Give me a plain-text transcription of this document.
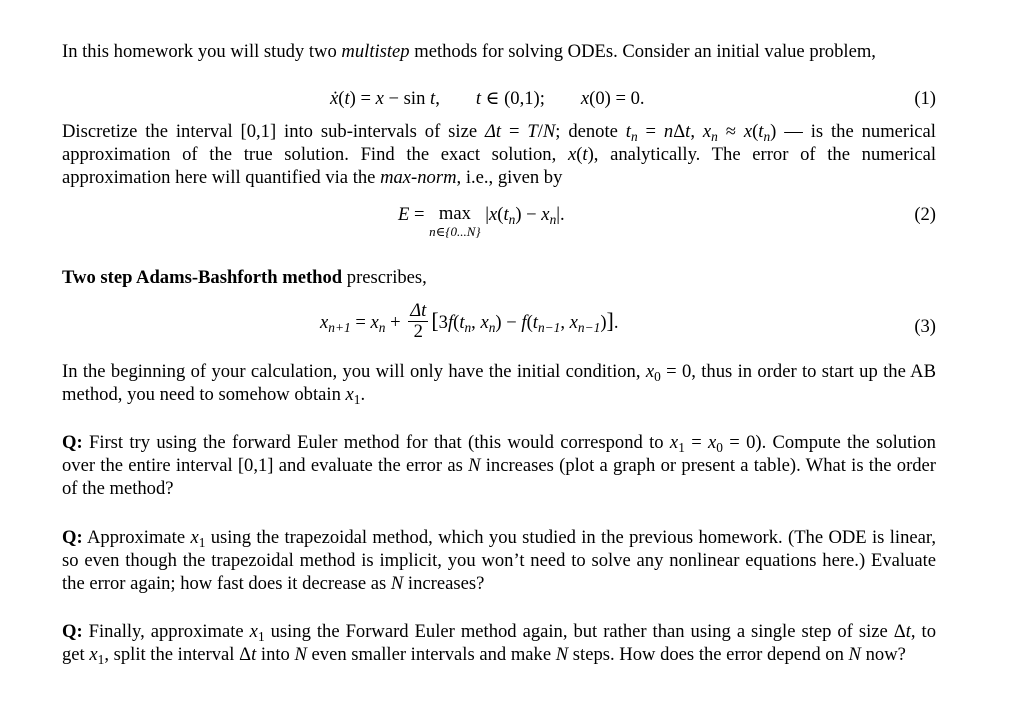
In this homework you will study two multistep methods for solving ODEs. Consider an initial value problem,

ẋ(t) = x − sin t, t ∈ (0,1); x(0) = 0.	(1)

Discretize the interval [0,1] into sub-intervals of size Δt = T/N; denote $t_n = n\Delta t$, $x_n \approx x(t_n)$ — is the numerical approximation of the true solution. Find the exact solution, x(t), analytically. The error of the numerical approximation here will quantified via the max-norm, i.e., given by

E = max
n∈{0...N}
$|x(t_n) - x_n|$.	(2)

Two step Adams-Bashforth method prescribes,

$x_{n+1} = x_n + \frac{\Delta t}{2} [3f(t_n$, $x_n) - f(t_{n-1}$, $x_{n-1}$)].	(3)

In the beginning of your calculation, you will only have the initial condition, $x_0 = 0$, thus in order to start up the AB method, you need to somehow obtain $x_1$.

Q: First try using the forward Euler method for that (this would correspond to $x_1 = x_0 = 0$). Compute the solution over the entire interval [0,1] and evaluate the error as N increases (plot a graph or present a table). What is the order of the method?

Q: Approximate $x_1$ using the trapezoidal method, which you studied in the previous homework. (The ODE is linear, so even though the trapezoidal method is implicit, you won’t need to solve any nonlinear equations here.) Evaluate the error again; how fast does it decrease as N increases?

Q: Finally, approximate $x_1$ using the Forward Euler method again, but rather than using a single step of size Δt, to get $x_1$, split the interval Δt into N even smaller intervals and make N steps. How does the error depend on N now?
